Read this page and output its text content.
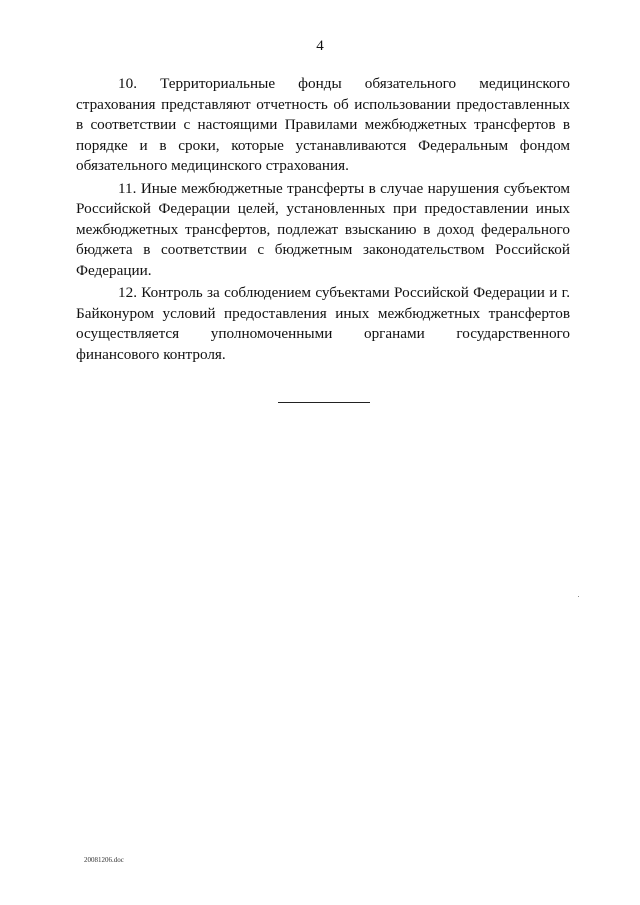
4

10. Территориальные фонды обязательного медицинского страхования представляют отчетность об использовании предоставленных в соответствии с настоящими Правилами межбюджетных трансфертов в порядке и в сроки, которые устанавливаются Федеральным фондом обязательного медицинского страхования.

11. Иные межбюджетные трансферты в случае нарушения субъектом Российской Федерации целей, установленных при предоставлении иных межбюджетных трансфертов, подлежат взысканию в доход федерального бюджета в соответствии с бюджетным законодательством Российской Федерации.

12. Контроль за соблюдением субъектами Российской Федерации и г. Байконуром условий предоставления иных межбюджетных трансфертов осуществляется уполномоченными органами государственного финансового контроля.

20081206.doc
